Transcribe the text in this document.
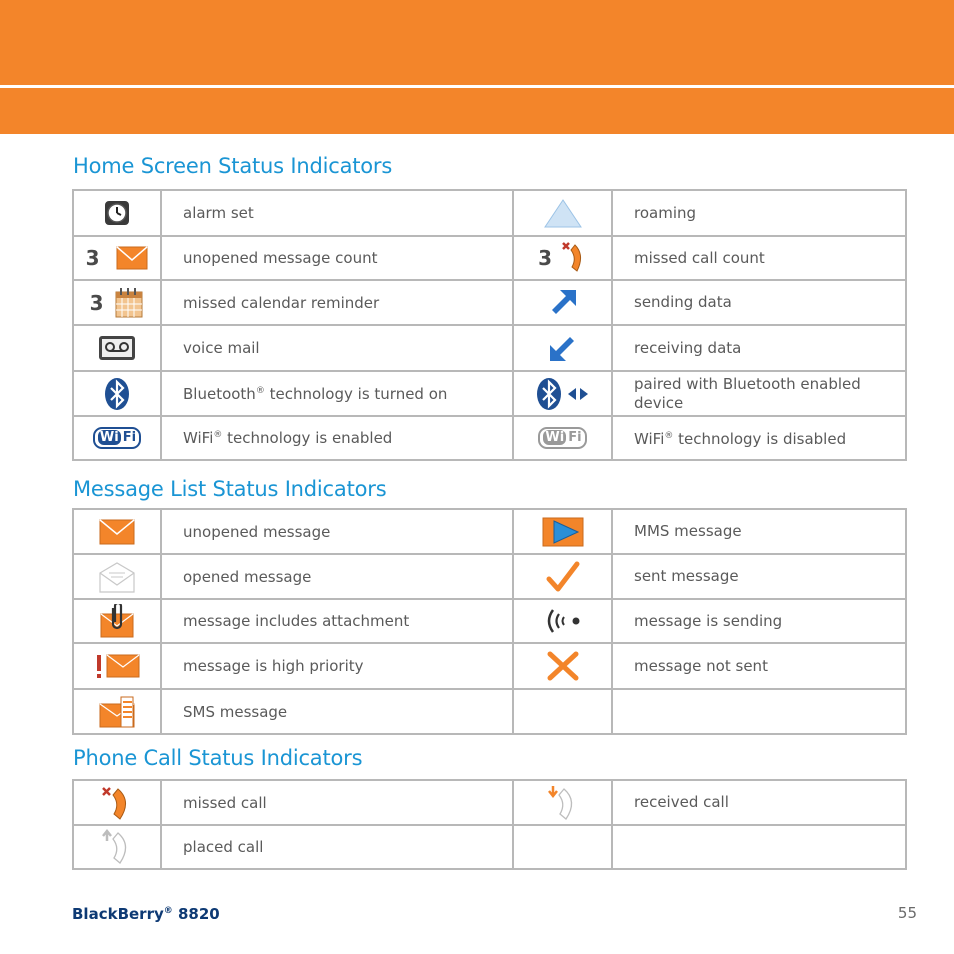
Home Screen Status Indicators
	alarm set		roaming
3	unopened message count	3	missed call count
3	missed calendar reminder		sending data
	voice mail		receiving data
	Bluetooth® technology is turned on		paired with Bluetooth enabled device
Wi Fi	WiFi® technology is enabled	Wi Fi	WiFi® technology is disabled
Message List Status Indicators
	unopened message		MMS message
	opened message		sent message
	message includes attachment		message is sending
	message is high priority		message not sent
	SMS message		
Phone Call Status Indicators
	missed call		received call
	placed call		
BlackBerry® 8820	55
